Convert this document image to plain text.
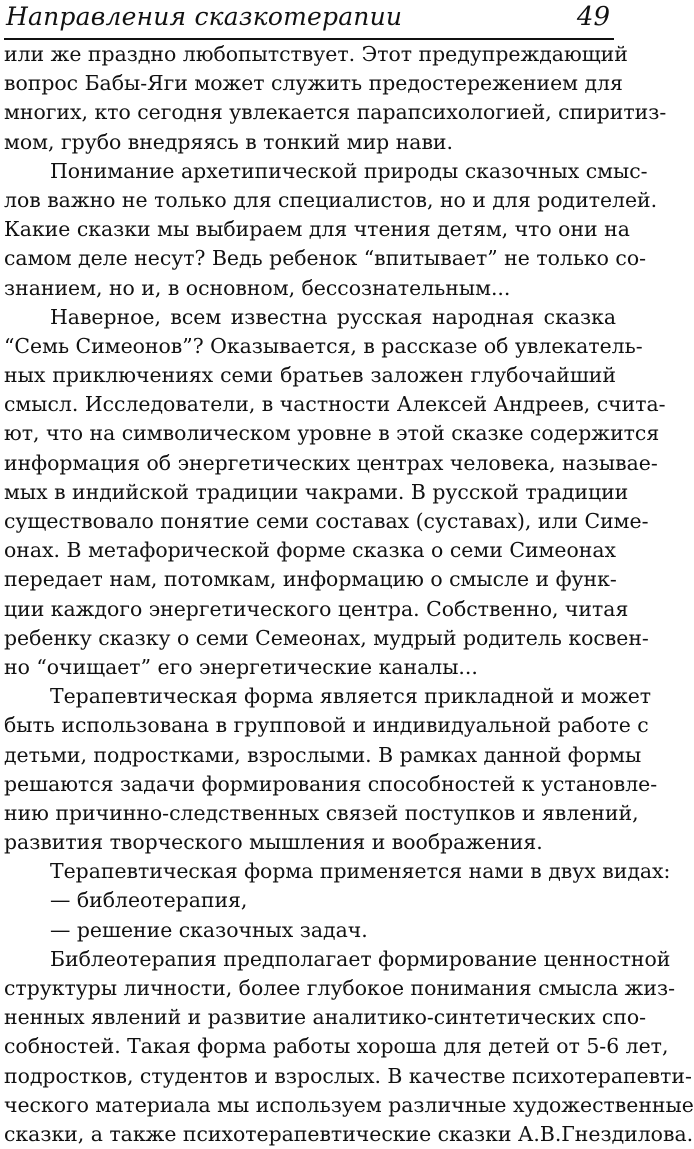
Направления сказкотерапии	49
или же праздно любопытствует. Этот предупреждающий
вопрос Бабы-Яги может служить предостережением для
многих, кто сегодня увлекается парапсихологией, спиритиз-
мом, грубо внедряясь в тонкий мир нави.
Понимание архетипической природы сказочных смыс-
лов важно не только для специалистов, но и для родителей.
Какие сказки мы выбираем для чтения детям, что они на
самом деле несут? Ведь ребенок “впитывает” не только со-
знанием, но и, в основном, бессознательным...
Наверное, всем известна русская народная сказка
“Семь Симеонов”? Оказывается, в рассказе об увлекатель-
ных приключениях семи братьев заложен глубочайший
смысл. Исследователи, в частности Алексей Андреев, счита-
ют, что на символическом уровне в этой сказке содержится
информация об энергетических центрах человека, называе-
мых в индийской традиции чакрами. В русской традиции
существовало понятие семи составах (суставах), или Симе-
онах. В метафорической форме сказка о семи Симеонах
передает нам, потомкам, информацию о смысле и функ-
ции каждого энергетического центра. Собственно, читая
ребенку сказку о семи Семеонах, мудрый родитель косвен-
но “очищает” его энергетические каналы...
Терапевтическая форма является прикладной и может
быть использована в групповой и индивидуальной работе с
детьми, подростками, взрослыми. В рамках данной формы
решаются задачи формирования способностей к установле-
нию причинно-следственных связей поступков и явлений,
развития творческого мышления и воображения.
Терапевтическая форма применяется нами в двух видах:
— библеотерапия,
— решение сказочных задач.
Библеотерапия предполагает формирование ценностной
структуры личности, более глубокое понимания смысла жиз-
ненных явлений и развитие аналитико-синтетических спо-
собностей. Такая форма работы хороша для детей от 5-6 лет,
подростков, студентов и взрослых. В качестве психотерапевти-
ческого материала мы используем различные художественные
сказки, а также психотерапевтические сказки А.В.Гнездилова.
